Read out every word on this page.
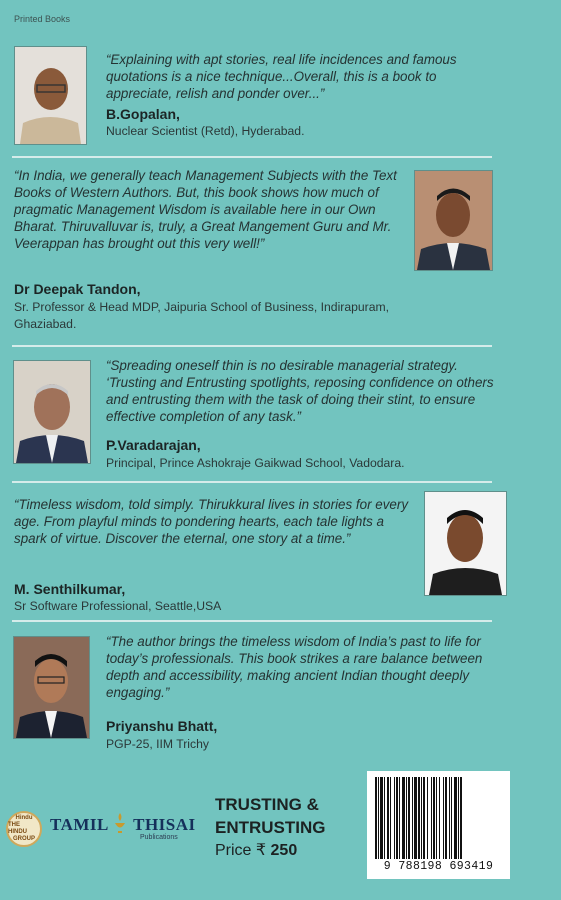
Printed Books
“Explaining with apt stories, real life incidences and famous quotations is a nice technique...Overall, this is a book to appreciate, relish and ponder over...”
B.Gopalan,
Nuclear Scientist (Retd), Hyderabad.
“In India, we generally teach Management Subjects with the Text Books of Western Authors. But, this book shows how much of pragmatic Management Wisdom is available here in our Own Bharat. Thiruvalluvar is, truly, a Great Mangement Guru and Mr. Veerappan has brought out this very well!”
Dr Deepak Tandon,
Sr. Professor & Head MDP, Jaipuria School of Business, Indirapuram, Ghaziabad.
“Spreading oneself thin is no desirable managerial strategy. ‘Trusting and Entrusting spotlights, reposing confidence on others and entrusting them with the task of doing their stint, to ensure effective completion of any task.”
P.Varadarajan,
Principal, Prince Ashokraje Gaikwad School, Vadodara.
“Timeless wisdom, told simply. Thirukkural lives in stories for every age. From playful minds to pondering hearts, each tale lights a spark of virtue. Discover the eternal, one story at a time.”
M. Senthilkumar,
Sr Software Professional, Seattle,USA
“The author brings the timeless wisdom of India’s past to life for today’s professionals. This book strikes a rare balance between depth and accessibility, making ancient Indian thought deeply engaging.”
Priyanshu Bhatt,
PGP-25, IIM Trichy
Hindu
THE HINDU
GROUP
TAMIL THISAI
Publications
TRUSTING &
ENTRUSTING
Price ₹ 250
9 788198 693419
